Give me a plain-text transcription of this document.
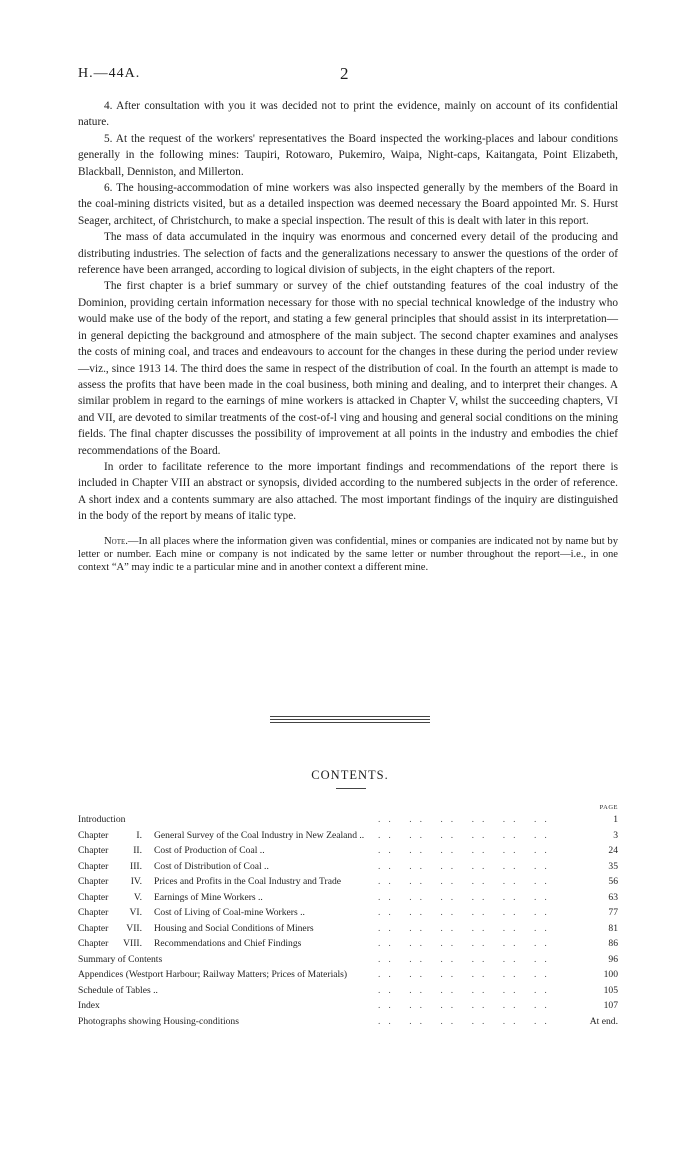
H.—44A.	2

4. After consultation with you it was decided not to print the evidence, mainly on account of its confidential nature.

5. At the request of the workers' representatives the Board inspected the working-places and labour conditions generally in the following mines: Taupiri, Rotowaro, Pukemiro, Waipa, Night-caps, Kaitangata, Point Elizabeth, Blackball, Denniston, and Millerton.

6. The housing-accommodation of mine workers was also inspected generally by the members of the Board in the coal-mining districts visited, but as a detailed inspection was deemed necessary the Board appointed Mr. S. Hurst Seager, architect, of Christchurch, to make a special inspection. The result of this is dealt with later in this report.

The mass of data accumulated in the inquiry was enormous and concerned every detail of the producing and distributing industries. The selection of facts and the generalizations necessary to answer the questions of the order of reference have been arranged, according to logical division of subjects, in the eight chapters of the report.

The first chapter is a brief summary or survey of the chief outstanding features of the coal industry of the Dominion, providing certain information necessary for those with no special technical knowledge of the industry who would make use of the body of the report, and stating a few general principles that should assist in its interpretation— in general depicting the background and atmosphere of the main subject. The second chapter examines and analyses the costs of mining coal, and traces and endeavours to account for the changes in these during the period under review—viz., since 1913 14. The third does the same in respect of the distribution of coal. In the fourth an attempt is made to assess the profits that have been made in the coal business, both mining and dealing, and to interpret their changes. A similar problem in regard to the earnings of mine workers is attacked in Chapter V, whilst the succeeding chapters, VI and VII, are devoted to similar treatments of the cost-of-l ving and housing and general social conditions on the mining fields. The final chapter discusses the possibility of improvement at all points in the industry and embodies the chief recommendations of the Board.

In order to facilitate reference to the more important findings and recommendations of the report there is included in Chapter VIII an abstract or synopsis, divided according to the numbered subjects in the order of reference. A short index and a contents summary are also attached. The most important findings of the inquiry are distinguished in the body of the report by means of italic type.

Note.—In all places where the information given was confidential, mines or companies are indicated not by name but by letter or number. Each mine or company is not indicated by the same letter or number throughout the report—i.e., in one context “A” may indic te a particular mine and in another context a different mine.

CONTENTS.
PAGE
Introduction	.. .. .. .. .. ..	1
Chapter	I. General Survey of the Coal Industry in New Zealand .. .. .. .. .. .. ..	3
Chapter	II. Cost of Production of Coal ..	.. .. .. .. .. ..	24
Chapter	III. Cost of Distribution of Coal ..	.. .. .. .. .. ..	35
Chapter	IV. Prices and Profits in the Coal Industry and Trade	.. .. .. .. .. ..	56
Chapter	V. Earnings of Mine Workers ..	.. .. .. .. .. ..	63
Chapter	VI. Cost of Living of Coal-mine Workers ..	.. .. .. .. .. ..	77
Chapter	VII. Housing and Social Conditions of Miners	.. .. .. .. .. ..	81
Chapter	VIII. Recommendations and Chief Findings	.. .. .. .. .. ..	86
Summary of Contents	.. .. .. .. .. ..	96
Appendices (Westport Harbour; Railway Matters; Prices of Materials)	.. .. .. .. .. ..	100
Schedule of Tables ..	.. .. .. .. .. ..	105
Index	.. .. .. .. .. ..	107
Photographs showing Housing-conditions	.. .. .. .. .. ..	At end.
